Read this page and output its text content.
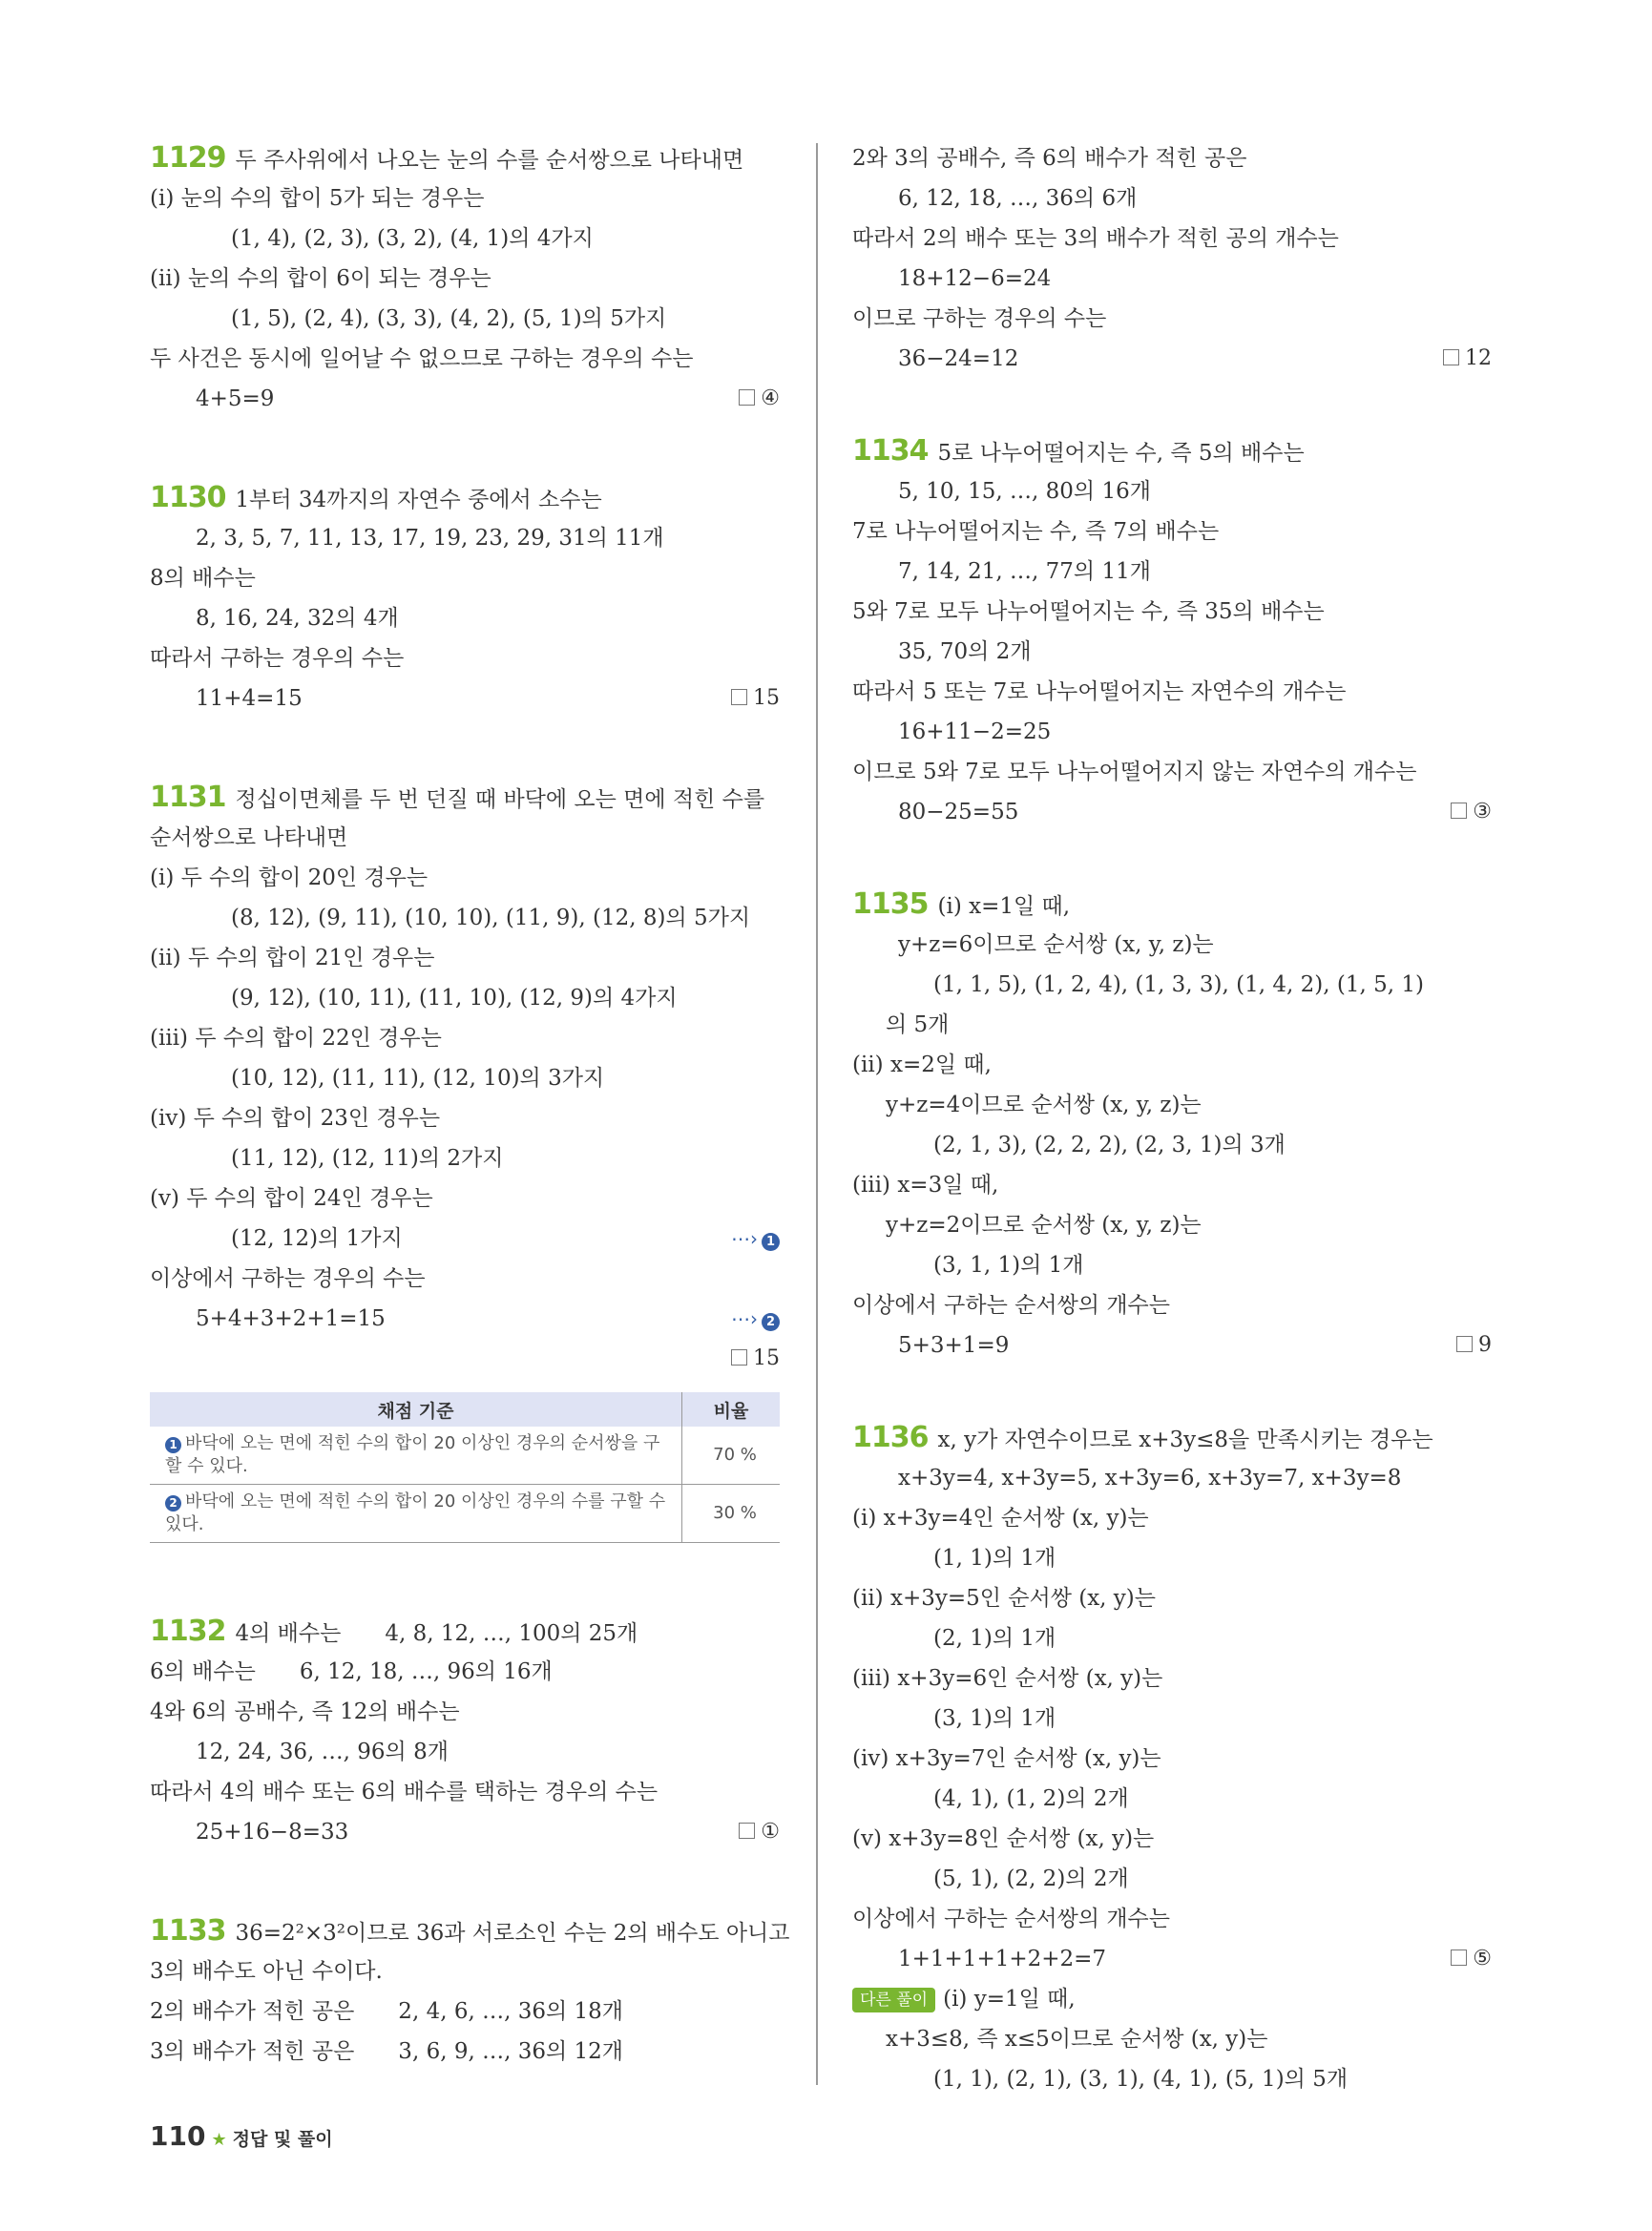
1129 두 주사위에서 나오는 눈의 수를 순서쌍으로 나타내면
(ⅰ) 눈의 수의 합이 5가 되는 경우는
(1, 4), (2, 3), (3, 2), (4, 1)의 4가지
(ⅱ) 눈의 수의 합이 6이 되는 경우는
(1, 5), (2, 4), (3, 3), (4, 2), (5, 1)의 5가지
두 사건은 동시에 일어날 수 없으므로 구하는 경우의 수는
4+5=9	④
1130 1부터 34까지의 자연수 중에서 소수는
2, 3, 5, 7, 11, 13, 17, 19, 23, 29, 31의 11개
8의 배수는
8, 16, 24, 32의 4개
따라서 구하는 경우의 수는
11+4=15	15
1131 정십이면체를 두 번 던질 때 바닥에 오는 면에 적힌 수를
순서쌍으로 나타내면
(ⅰ) 두 수의 합이 20인 경우는
(8, 12), (9, 11), (10, 10), (11, 9), (12, 8)의 5가지
(ⅱ) 두 수의 합이 21인 경우는
(9, 12), (10, 11), (11, 10), (12, 9)의 4가지
(ⅲ) 두 수의 합이 22인 경우는
(10, 12), (11, 11), (12, 10)의 3가지
(ⅳ) 두 수의 합이 23인 경우는
(11, 12), (12, 11)의 2가지
(ⅴ) 두 수의 합이 24인 경우는
(12, 12)의 1가지	⋯› 1
이상에서 구하는 경우의 수는
5+4+3+2+1=15	⋯› 2
15
채점 기준	비율
1 바닥에 오는 면에 적힌 수의 합이 20 이상인 경우의 순서쌍을 구할 수 있다.	70 %
2 바닥에 오는 면에 적힌 수의 합이 20 이상인 경우의 수를 구할 수 있다.	30 %
1132 4의 배수는　　4, 8, 12, …, 100의 25개
6의 배수는　　6, 12, 18, …, 96의 16개
4와 6의 공배수, 즉 12의 배수는
12, 24, 36, …, 96의 8개
따라서 4의 배수 또는 6의 배수를 택하는 경우의 수는
25+16−8=33	①
1133 36=2²×3²이므로 36과 서로소인 수는 2의 배수도 아니고
3의 배수도 아닌 수이다.
2의 배수가 적힌 공은　　2, 4, 6, …, 36의 18개
3의 배수가 적힌 공은　　3, 6, 9, …, 36의 12개
2와 3의 공배수, 즉 6의 배수가 적힌 공은
6, 12, 18, …, 36의 6개
따라서 2의 배수 또는 3의 배수가 적힌 공의 개수는
18+12−6=24
이므로 구하는 경우의 수는
36−24=12	12
1134 5로 나누어떨어지는 수, 즉 5의 배수는
5, 10, 15, …, 80의 16개
7로 나누어떨어지는 수, 즉 7의 배수는
7, 14, 21, …, 77의 11개
5와 7로 모두 나누어떨어지는 수, 즉 35의 배수는
35, 70의 2개
따라서 5 또는 7로 나누어떨어지는 자연수의 개수는
16+11−2=25
이므로 5와 7로 모두 나누어떨어지지 않는 자연수의 개수는
80−25=55	③
1135 (ⅰ) x=1일 때,
y+z=6이므로 순서쌍 (x, y, z)는
(1, 1, 5), (1, 2, 4), (1, 3, 3), (1, 4, 2), (1, 5, 1)
의 5개
(ⅱ) x=2일 때,
y+z=4이므로 순서쌍 (x, y, z)는
(2, 1, 3), (2, 2, 2), (2, 3, 1)의 3개
(ⅲ) x=3일 때,
y+z=2이므로 순서쌍 (x, y, z)는
(3, 1, 1)의 1개
이상에서 구하는 순서쌍의 개수는
5+3+1=9	9
1136 x, y가 자연수이므로 x+3y≤8을 만족시키는 경우는
x+3y=4, x+3y=5, x+3y=6, x+3y=7, x+3y=8
(ⅰ) x+3y=4인 순서쌍 (x, y)는
(1, 1)의 1개
(ⅱ) x+3y=5인 순서쌍 (x, y)는
(2, 1)의 1개
(ⅲ) x+3y=6인 순서쌍 (x, y)는
(3, 1)의 1개
(ⅳ) x+3y=7인 순서쌍 (x, y)는
(4, 1), (1, 2)의 2개
(ⅴ) x+3y=8인 순서쌍 (x, y)는
(5, 1), (2, 2)의 2개
이상에서 구하는 순서쌍의 개수는
1+1+1+1+2+2=7	⑤
다른 풀이 (ⅰ) y=1일 때,
x+3≤8, 즉 x≤5이므로 순서쌍 (x, y)는
(1, 1), (2, 1), (3, 1), (4, 1), (5, 1)의 5개
110 ★ 정답 및 풀이
